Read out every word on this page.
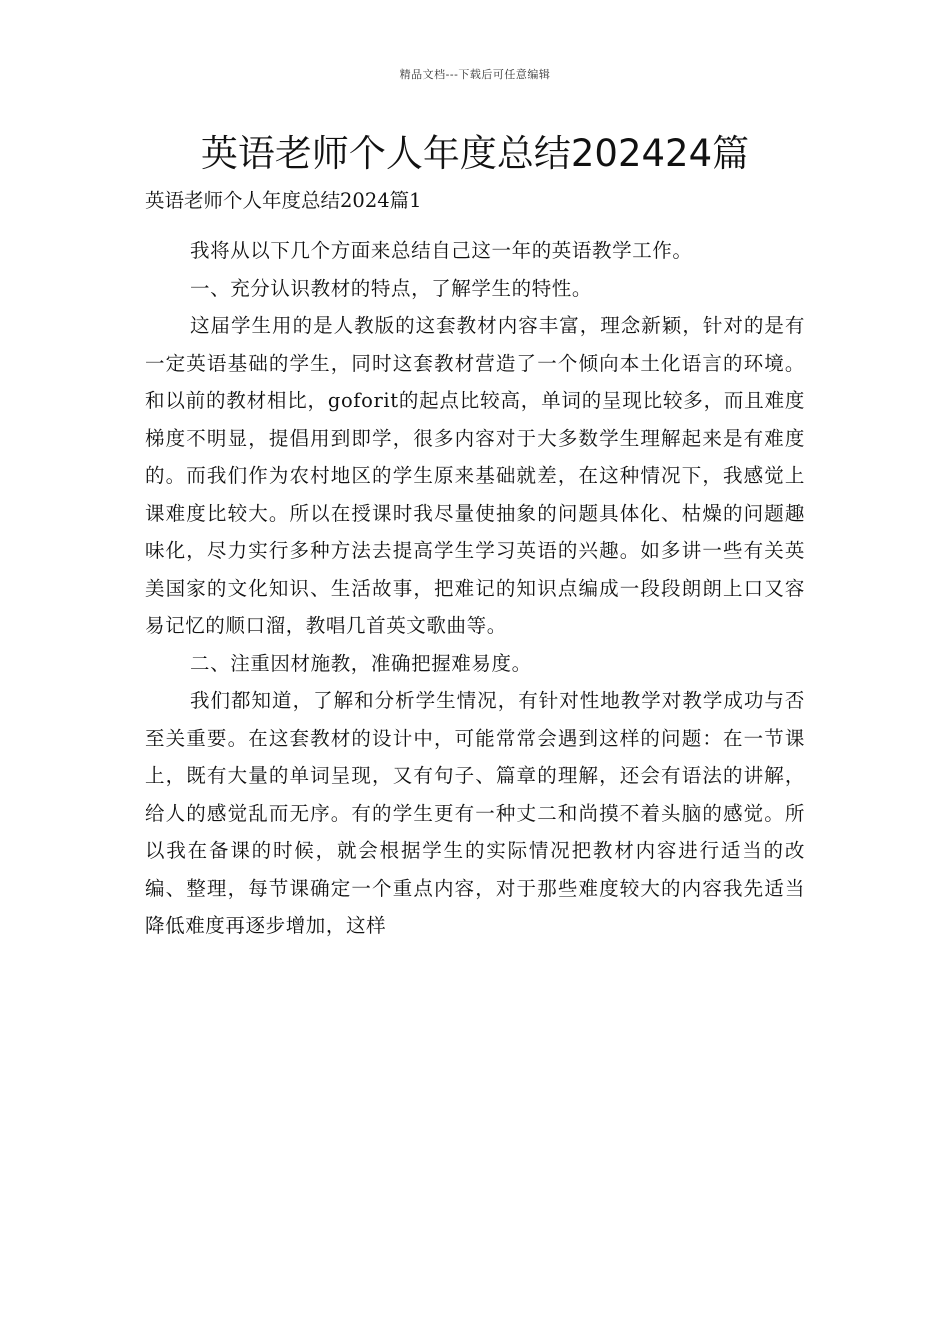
精品文档---下载后可任意编辑
英语老师个人年度总结202424篇

英语老师个人年度总结2024篇1

我将从以下几个方面来总结自己这一年的英语教学工作。

一、充分认识教材的特点，了解学生的特性。

这届学生用的是人教版的这套教材内容丰富，理念新颖，针对的是有一定英语基础的学生，同时这套教材营造了一个倾向本土化语言的环境。和以前的教材相比，goforit的起点比较高，单词的呈现比较多，而且难度梯度不明显，提倡用到即学，很多内容对于大多数学生理解起来是有难度的。而我们作为农村地区的学生原来基础就差，在这种情况下，我感觉上课难度比较大。所以在授课时我尽量使抽象的问题具体化、枯燥的问题趣味化，尽力实行多种方法去提高学生学习英语的兴趣。如多讲一些有关英美国家的文化知识、生活故事，把难记的知识点编成一段段朗朗上口又容易记忆的顺口溜，教唱几首英文歌曲等。

二、注重因材施教，准确把握难易度。

我们都知道，了解和分析学生情况，有针对性地教学对教学成功与否至关重要。在这套教材的设计中，可能常常会遇到这样的问题：在一节课上，既有大量的单词呈现，又有句子、篇章的理解，还会有语法的讲解，给人的感觉乱而无序。有的学生更有一种丈二和尚摸不着头脑的感觉。所以我在备课的时候，就会根据学生的实际情况把教材内容进行适当的改编、整理，每节课确定一个重点内容，对于那些难度较大的内容我先适当降低难度再逐步增加，这样
